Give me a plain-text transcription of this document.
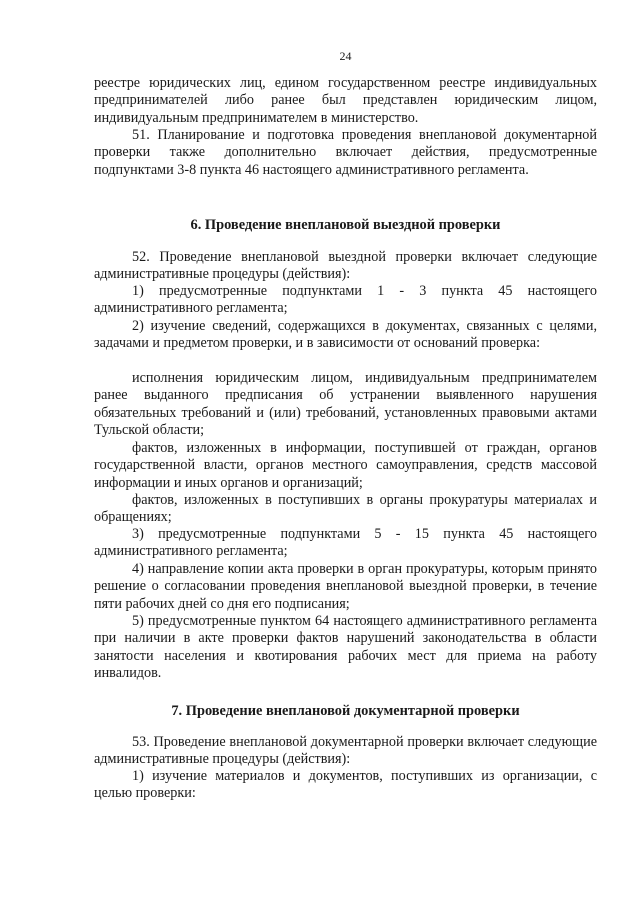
24
реестре юридических лиц, едином государственном реестре индивидуальных предпринимателей либо ранее был представлен юридическим лицом, индивидуальным предпринимателем в министерство.
51. Планирование и подготовка проведения внеплановой документарной проверки также дополнительно включает действия, предусмотренные подпунктами 3-8 пункта 46 настоящего административного регламента.
6. Проведение внеплановой выездной проверки
52. Проведение внеплановой выездной проверки включает следующие административные процедуры (действия):
1) предусмотренные подпунктами 1 - 3 пункта 45 настоящего административного регламента;
2) изучение сведений, содержащихся в документах, связанных с целями, задачами и предметом проверки, и в зависимости от оснований проверка:
исполнения юридическим лицом, индивидуальным предпринимателем ранее выданного предписания об устранении выявленного нарушения обязательных требований и (или) требований, установленных правовыми актами Тульской области;
фактов, изложенных в информации, поступившей от граждан, органов государственной власти, органов местного самоуправления, средств массовой информации и иных органов и организаций;
фактов, изложенных в поступивших в органы прокуратуры материалах и обращениях;
3) предусмотренные подпунктами 5 - 15 пункта 45 настоящего административного регламента;
4) направление копии акта проверки в орган прокуратуры, которым принято решение о согласовании проведения внеплановой выездной проверки, в течение пяти рабочих дней со дня его подписания;
5) предусмотренные пунктом 64 настоящего административного регламента при наличии в акте проверки фактов нарушений законодательства в области занятости населения и квотирования рабочих мест для приема на работу инвалидов.
7. Проведение внеплановой документарной проверки
53. Проведение внеплановой документарной проверки включает следующие административные процедуры (действия):
1) изучение материалов и документов, поступивших из организации, с целью проверки:
